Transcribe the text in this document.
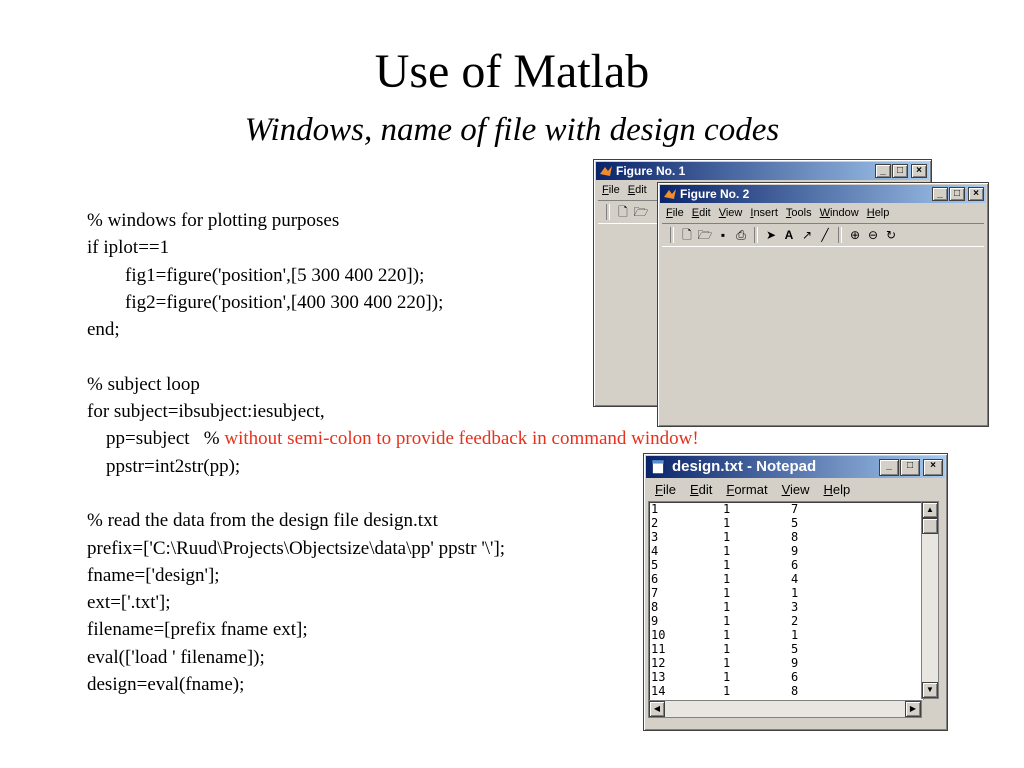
Use of Matlab
Windows, name of file with design codes
% windows for plotting purposes
if iplot==1
fig1=figure('position',[5 300 400 220]);
fig2=figure('position',[400 300 400 220]);
end;
% subject loop
for subject=ibsubject:iesubject,
pp=subject   % without semi-colon to provide feedback in command window!
ppstr=int2str(pp);
% read the data from the design file design.txt
prefix=['C:\Ruud\Projects\Objectsize\data\pp' ppstr '\'];
fname=['design'];
ext=['.txt'];
filename=[prefix fname ext];
eval(['load ' filename]);
design=eval(fname);
Figure No. 1	_	□	×
File Edit
🗋 🗁
Figure No. 2	_	□	×
File Edit View Insert Tools Window Help
🗋 🗁 ▪ ⎙	➤ A ↗ ╱	⊕ ⊖ ↻
design.txt - Notepad	_	□	×
File	Edit	Format	View	Help
1	1	7
2	1	5
3	1	8
4	1	9
5	1	6
6	1	4
7	1	1
8	1	3
9	1	2
10	1	1
11	1	5
12	1	9
13	1	6
14	1	8
▲
▼
◀	▶
